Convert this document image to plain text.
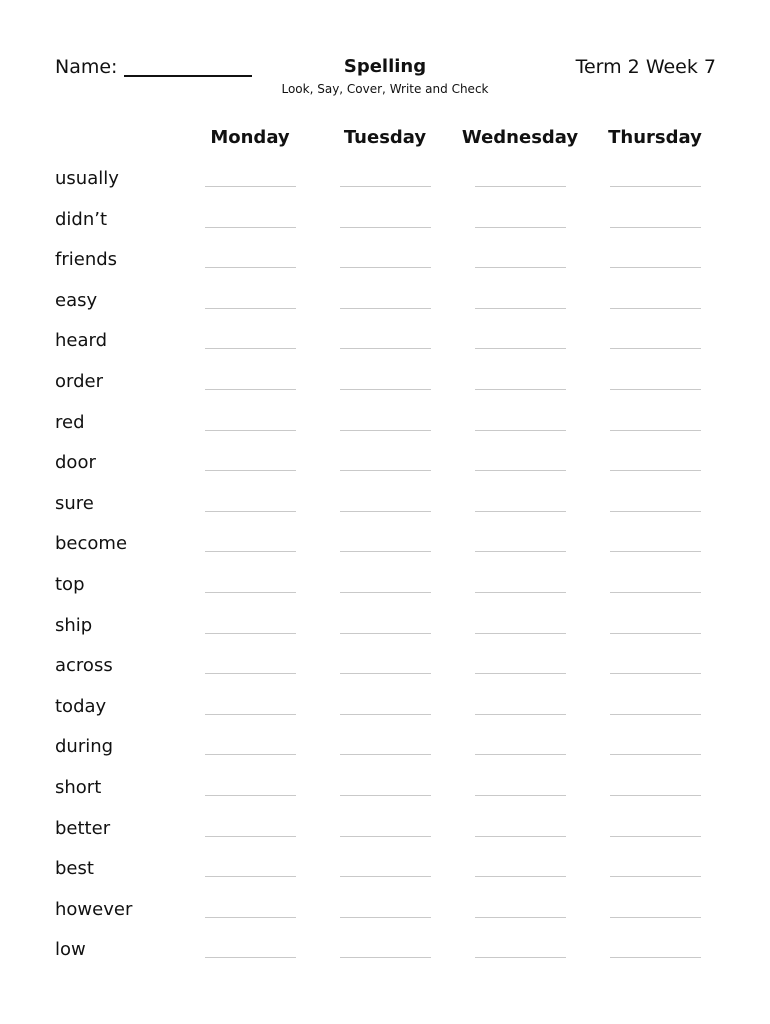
Name:	Spelling
Look, Say, Cover, Write and Check
Term 2 Week 7
Monday	Tuesday	Wednesday	Thursday
usually
didn’t
friends
easy
heard
order
red
door
sure
become
top
ship
across
today
during
short
better
best
however
low
